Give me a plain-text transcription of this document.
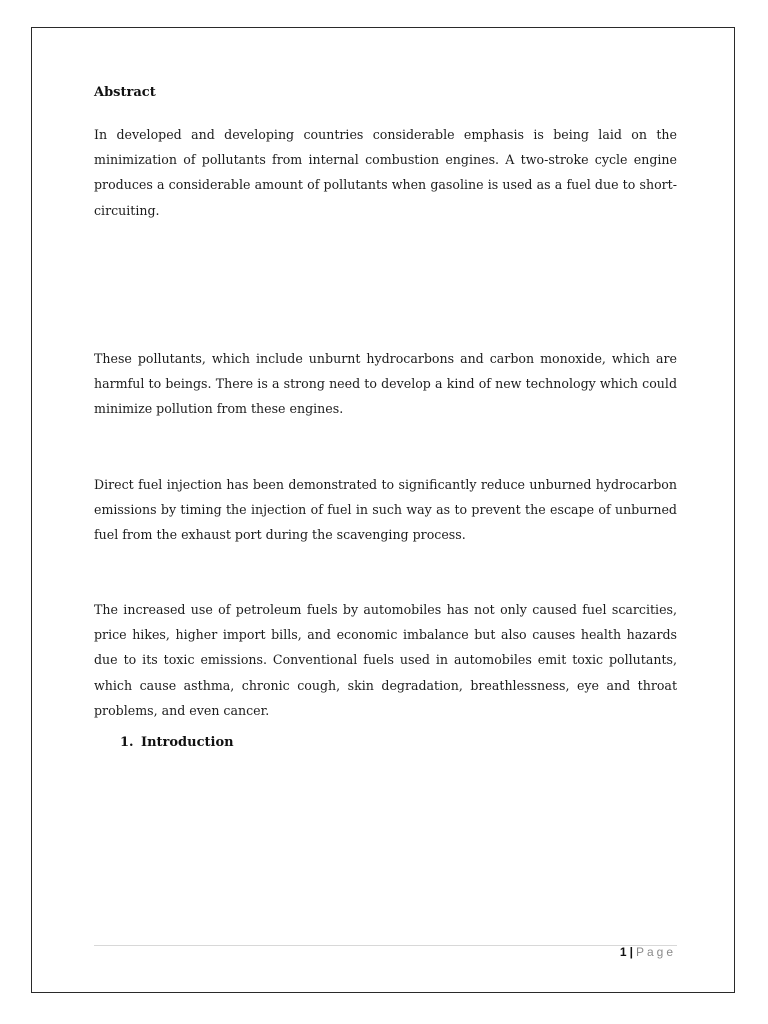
Abstract

In developed and developing countries considerable emphasis is being laid on the minimization of pollutants from internal combustion engines. A two-stroke cycle engine produces a considerable amount of pollutants when gasoline is used as a fuel due to short-circuiting.

These pollutants, which include unburnt hydrocarbons and carbon monoxide, which are harmful to beings. There is a strong need to develop a kind of new technology which could minimize pollution from these engines.

Direct fuel injection has been demonstrated to significantly reduce unburned hydrocarbon emissions by timing the injection of fuel in such way as to prevent the escape of unburned fuel from the exhaust port during the scavenging process.

The increased use of petroleum fuels by automobiles has not only caused fuel scarcities, price hikes, higher import bills, and economic imbalance but also causes health hazards due to its toxic emissions. Conventional fuels used in automobiles emit toxic pollutants, which cause asthma, chronic cough, skin degradation, breathlessness, eye and throat problems, and even cancer.

1. Introduction
1 | Page
